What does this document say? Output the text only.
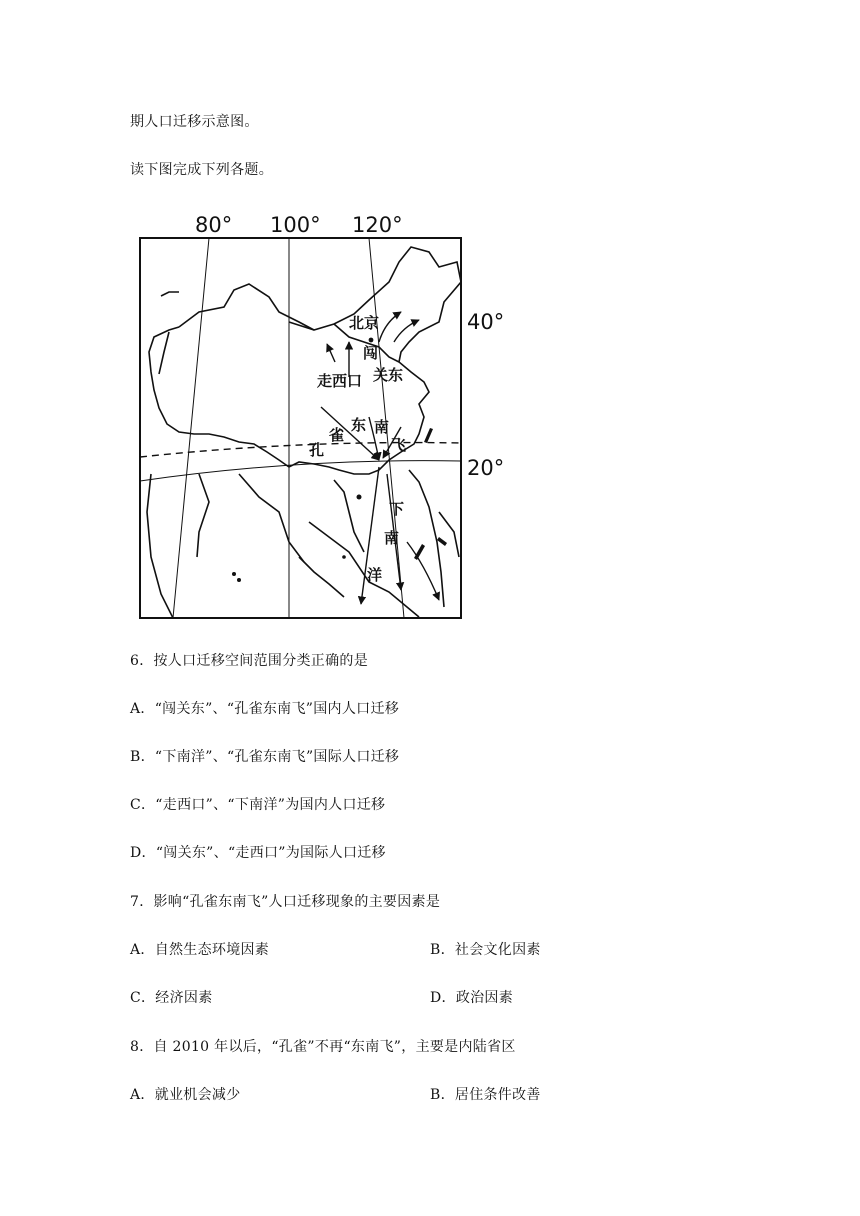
期人口迁移示意图。
读下图完成下列各题。
80° 100° 120°
40°
20°
北京
闯
关东
走西口
孔
雀
东 南
飞
下
南
洋
6．按人口迁移空间范围分类正确的是
A．“闯关东”、“孔雀东南飞”国内人口迁移
B．“下南洋”、“孔雀东南飞”国际人口迁移
C．“走西口”、“下南洋”为国内人口迁移
D．“闯关东”、“走西口”为国际人口迁移
7．影响“孔雀东南飞”人口迁移现象的主要因素是
A．自然生态环境因素	B．社会文化因素
C．经济因素	D．政治因素
8．自 2010 年以后，“孔雀”不再“东南飞”，主要是内陆省区
A．就业机会减少	B．居住条件改善
